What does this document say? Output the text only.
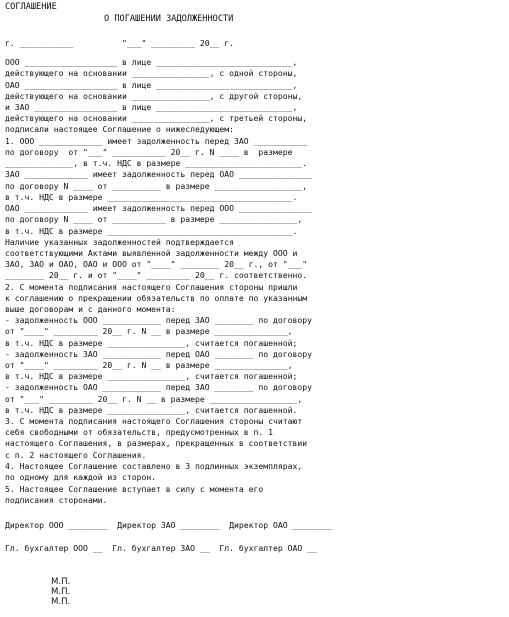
СОГЛАШЕНИЕ
О ПОГАШЕНИИ ЗАДОЛЖЕННОСТИ
г. ___________          "___" _________ 20__ г.
ООО ___________________ в лице ____________________________,
действующего на основании ________________, с одной стороны,
ОАО ___________________ в лице ____________________________,
действующего на основании ________________, с другой стороны,
и ЗАО _________________ в лице ____________________________,
действующего на основании ________________, с третьей стороны,
подписали настоящее Соглашение о нижеследующем:
1. ООО _____________ имеет задолженность перед ЗАО ___________
по договору  от "___" ___________ 20__ г. N ____ в  размере
______________, в т.ч. НДС в размере ________________________.
ЗАО _____________ имеет задолженность перед ОАО _______________
по договору N ____ от __________ в размере __________________,
в т.ч. НДС в размере ______________________________________.
ОАО _____________ имеет задолженность перед ООО _______________
по договору N ____ от ___________ в размере ________________,
в т.ч. НДС в размере ______________________________________.
Наличие указанных задолженностей подтверждается
соответствующими Актами выявленной задолженности между ООО и
ЗАО, ЗАО и ОАО, ОАО и ООО от "____" ________ 20__ г., от "___"
________ 20__ г. и от "____" _________ 20__ г. соответственно.
2. С момента подписания настоящего Соглашения стороны пришли
к соглашению о прекращении обязательств по оплате по указанным
выше договорам и с данного момента:
- задолженность ООО ____________ перед ЗАО ________ по договору
от "____" _________ 20__ г. N __ в размере _______________,
в т.ч. НДС в размере ________________, считается погашенной;
- задолженность ЗАО ____________ перед ОАО ________ по договору
от "____" _________ 20__ г. N __ в размере _______________,
в т.ч. НДС в размере ________________, считается погашенной;
- задолженность ОАО ____________ перед ЗАО ________ по договору
от "___" _________ 20__ г. N __ в размере __________________,
в т.ч. НДС в размере ________________, считается погашенной.
3. С момента подписания настоящего Соглашения стороны считают
себя свободными от обязательств, предусмотренных в п. 1
настоящего Соглашения, в размерах, прекращенных в соответствии
с п. 2 настоящего Соглашения.
4. Настоящее Соглашение составлено в 3 подлинных экземплярах,
по одному для каждой из сторон.
5. Настоящее Соглашение вступает в силу с момента его
подписания сторонами.
Директор ООО ________  Директор ЗАО ________  Директор ОАО ________
Гл. бухгалтер ООО __  Гл. бухгалтер ЗАО __  Гл. бухгалтер ОАО __

М.П.
М.П.
М.П.
